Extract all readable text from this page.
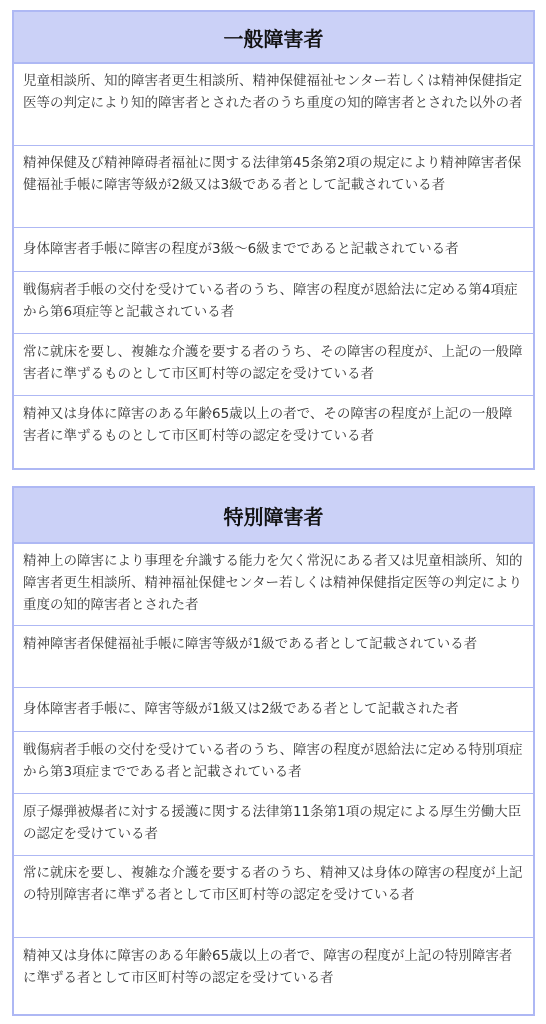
一般障害者
児童相談所、知的障害者更生相談所、精神保健福祉センター若しくは精神保健指定医等の判定により知的障害者とされた者のうち重度の知的障害者とされた以外の者
精神保健及び精神障碍者福祉に関する法律第45条第2項の規定により精神障害者保健福祉手帳に障害等級が2級又は3級である者として記載されている者
身体障害者手帳に障害の程度が3級～6級までであると記載されている者
戦傷病者手帳の交付を受けている者のうち、障害の程度が恩給法に定める第4項症から第6項症等と記載されている者
常に就床を要し、複雑な介護を要する者のうち、その障害の程度が、上記の一般障害者に準ずるものとして市区町村等の認定を受けている者
精神又は身体に障害のある年齢65歳以上の者で、その障害の程度が上記の一般障害者に準ずるものとして市区町村等の認定を受けている者
特別障害者
精神上の障害により事理を弁識する能力を欠く常況にある者又は児童相談所、知的障害者更生相談所、精神福祉保健センター若しくは精神保健指定医等の判定により重度の知的障害者とされた者
精神障害者保健福祉手帳に障害等級が1級である者として記載されている者
身体障害者手帳に、障害等級が1級又は2級である者として記載された者
戦傷病者手帳の交付を受けている者のうち、障害の程度が恩給法に定める特別項症から第3項症までである者と記載されている者
原子爆弾被爆者に対する援護に関する法律第11条第1項の規定による厚生労働大臣の認定を受けている者
常に就床を要し、複雑な介護を要する者のうち、精神又は身体の障害の程度が上記の特別障害者に準ずる者として市区町村等の認定を受けている者
精神又は身体に障害のある年齢65歳以上の者で、障害の程度が上記の特別障害者に準ずる者として市区町村等の認定を受けている者
